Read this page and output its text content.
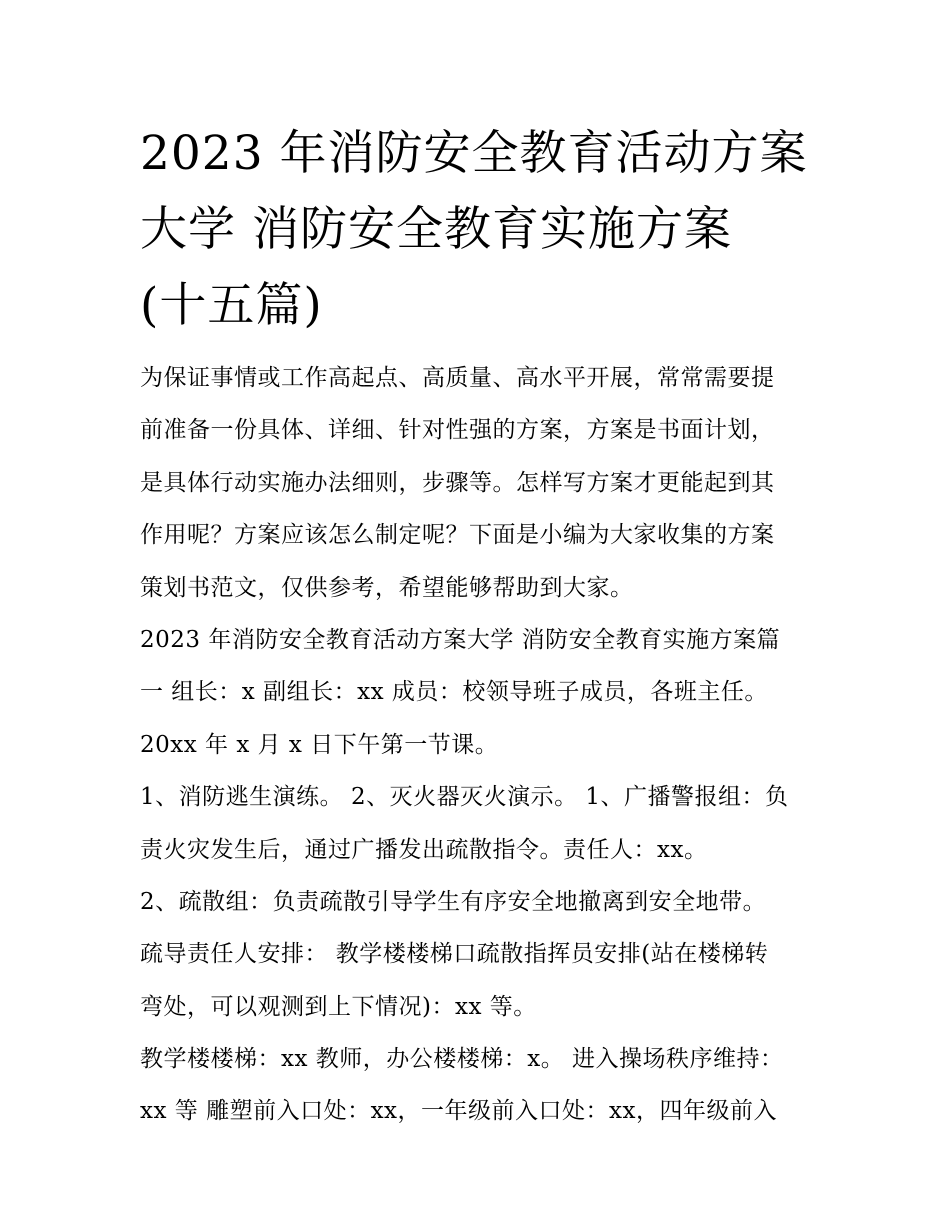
2023 年消防安全教育活动方案
大学 消防安全教育实施方案
(十五篇)
为保证事情或工作高起点、高质量、高水平开展，常常需要提
前准备一份具体、详细、针对性强的方案，方案是书面计划，
是具体行动实施办法细则，步骤等。怎样写方案才更能起到其
作用呢？方案应该怎么制定呢？下面是小编为大家收集的方案
策划书范文，仅供参考，希望能够帮助到大家。
2023 年消防安全教育活动方案大学 消防安全教育实施方案篇
一 组长：x 副组长：xx 成员：校领导班子成员，各班主任。
20xx 年 x 月 x 日下午第一节课。
1、消防逃生演练。 2、灭火器灭火演示。 1、广播警报组：负
责火灾发生后，通过广播发出疏散指令。责任人：xx。
2、疏散组：负责疏散引导学生有序安全地撤离到安全地带。
疏导责任人安排： 教学楼楼梯口疏散指挥员安排(站在楼梯转
弯处，可以观测到上下情况)：xx 等。
教学楼楼梯：xx 教师，办公楼楼梯：x。 进入操场秩序维持：
xx 等 雕塑前入口处：xx，一年级前入口处：xx，四年级前入
